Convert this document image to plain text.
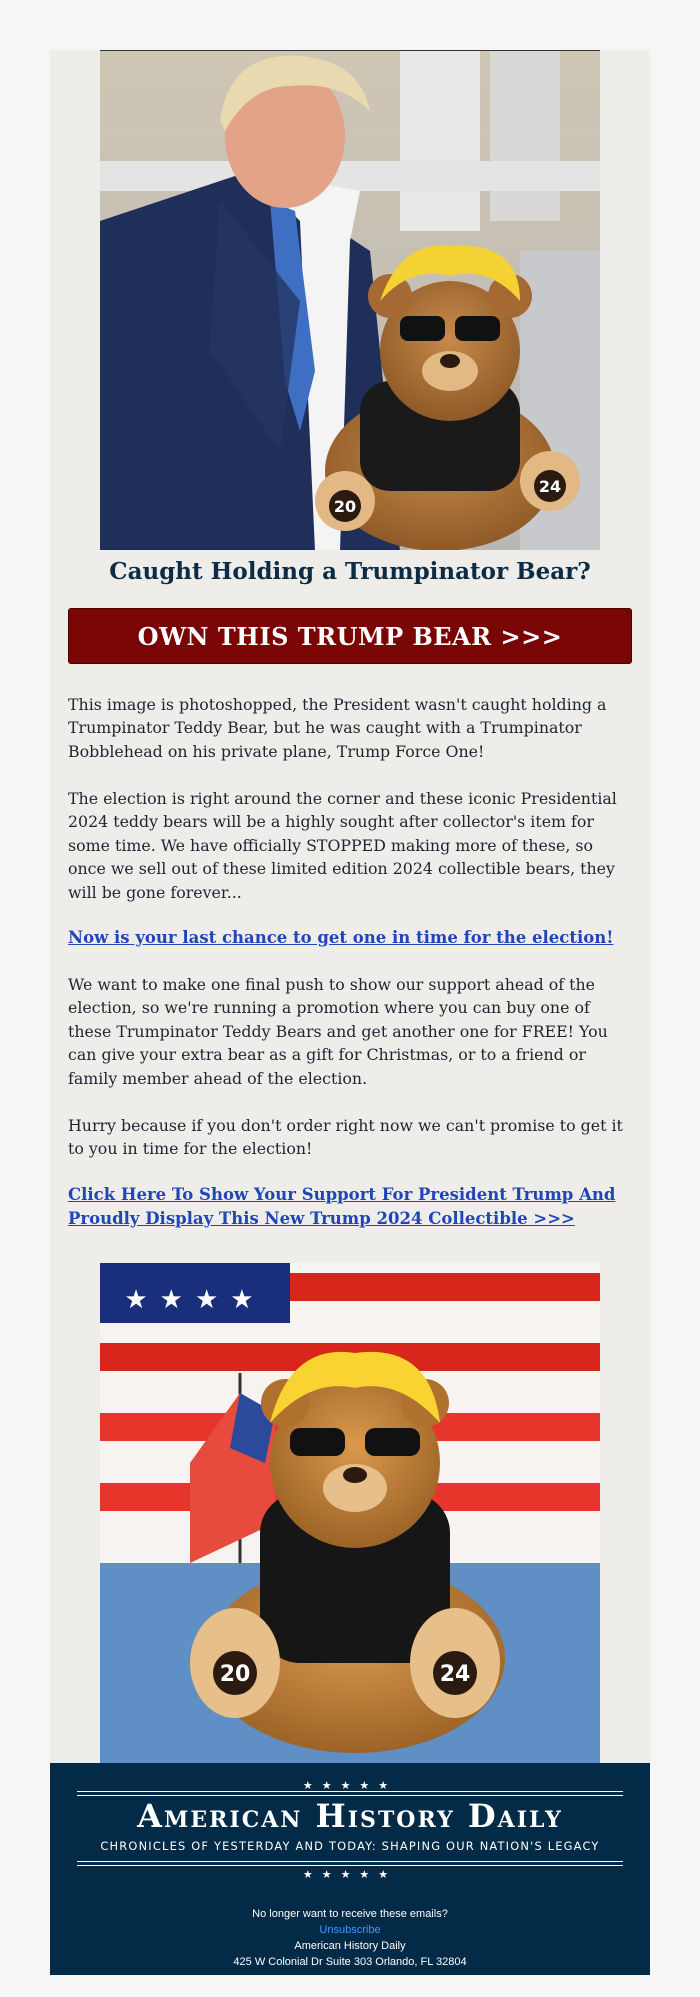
20
24
Caught Holding a Trumpinator Bear?
OWN THIS TRUMP BEAR >>>

This image is photoshopped, the President wasn't caught holding a Trumpinator Teddy Bear, but he was caught with a Trumpinator Bobblehead on his private plane, Trump Force One!

The election is right around the corner and these iconic Presidential 2024 teddy bears will be a highly sought after collector's item for some time. We have officially STOPPED making more of these, so once we sell out of these limited edition 2024 collectible bears, they will be gone forever...

Now is your last chance to get one in time for the election!

We want to make one final push to show our support ahead of the election, so we're running a promotion where you can buy one of these Trumpinator Teddy Bears and get another one for FREE! You can give your extra bear as a gift for Christmas, or to a friend or family member ahead of the election.

Hurry because if you don't order right now we can't promise to get it to you in time for the election!

Click Here To Show Your Support For President Trump And Proudly Display This New Trump 2024 Collectible >>>

★★★★
20	24
★★★★★
American History Daily
CHRONICLES OF YESTERDAY AND TODAY: SHAPING OUR NATION'S LEGACY
★★★★★
No longer want to receive these emails?
Unsubscribe
American History Daily
425 W Colonial Dr Suite 303 Orlando, FL 32804
